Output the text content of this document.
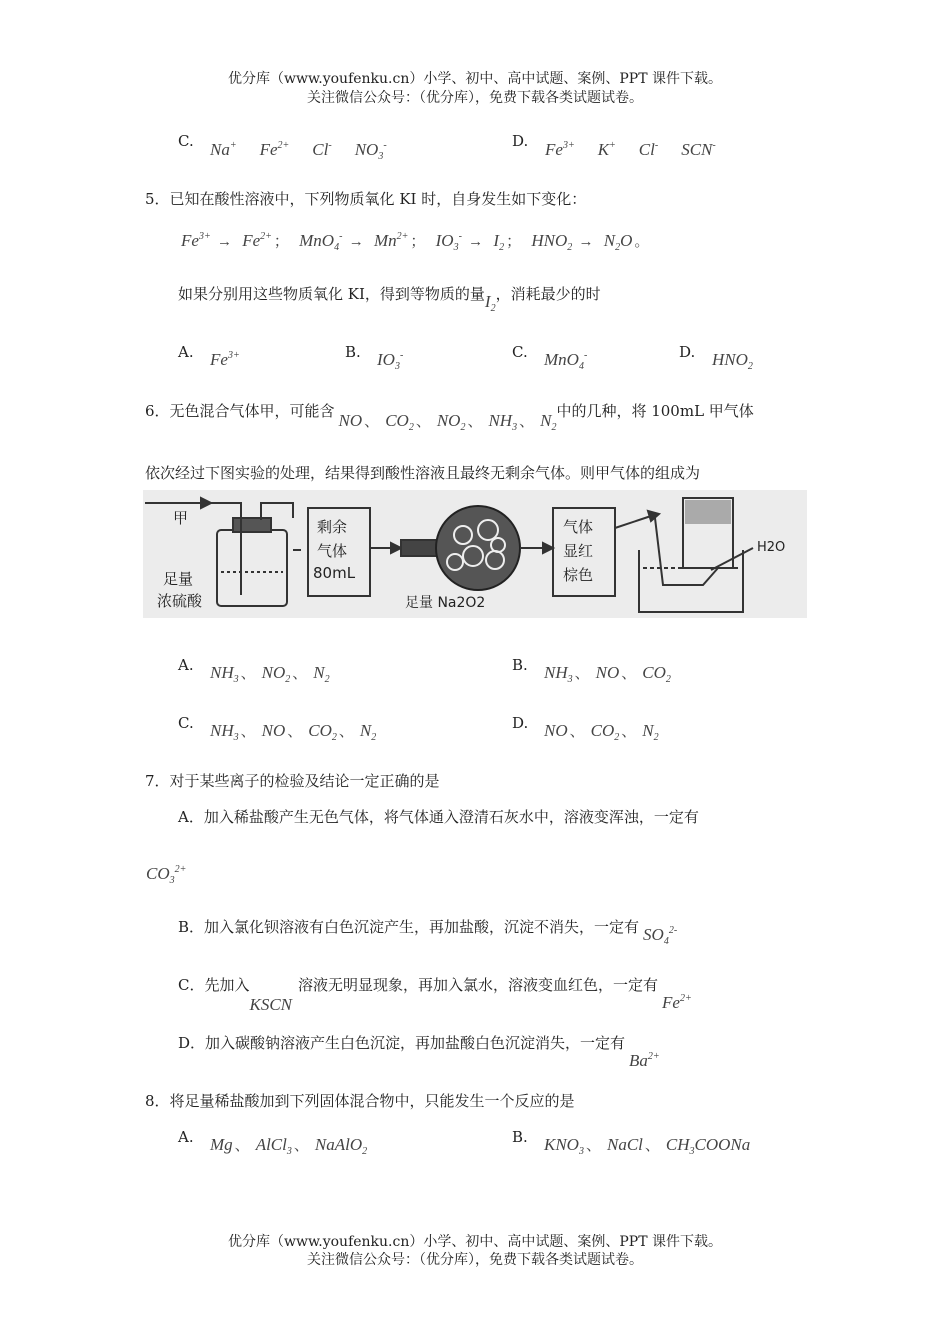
优分库（www.youfenku.cn）小学、初中、高中试题、案例、PPT 课件下载。
关注微信公众号：（优分库），免费下载各类试题试卷。
C. Na+  $Fe^{2+}$  Cl-  $NO_3^-$	D. $Fe^{3+}$  K+  Cl-  SCN-
5．已知在酸性溶液中，下列物质氧化 KI 时，自身发生如下变化：
$Fe^{3+} \to Fe^{2+}$ ； $MnO_4^- \to Mn^{2+}$ ； $IO_3^- \to I_2$ ； $HNO_2 \to N_2O$ 。
如果分别用这些物质氧化 KI，得到等物质的量$I_2$，消耗最少的时
A. $Fe^{3+}$	B. $IO_3^-$	C. MnO$_4$-	D. $HNO_2$
6．无色混合气体甲，可能含 NO 、 $CO_2$ 、 $NO_2$ 、 $NH_3$ 、 $N_2$中的几种，将 100mL 甲气体
依次经过下图实验的处理，结果得到酸性溶液且最终无剩余气体。则甲气体的组成为
甲
足量
浓硫酸
剩余
气体
80mL
足量 Na2O2
气体
显红
棕色
H2O
A. $NH_3$ 、 $NO_2$ 、 $N_2$
B. $NH_3$ 、 NO 、 $CO_2$
C. $NH_3$ 、 NO 、 $CO_2$ 、 $N_2$
D. NO 、 $CO_2$ 、 $N_2$
7．对于某些离子的检验及结论一定正确的是
A．加入稀盐酸产生无色气体，将气体通入澄清石灰水中，溶液变浑浊，一定有
$CO_3^{2+}$
B．加入氯化钡溶液有白色沉淀产生，再加盐酸，沉淀不消失，一定有 $SO_4^{2-}$
C．先加入KSCN溶液无明显现象，再加入氯水，溶液变血红色，一定有$Fe^{2+}$
D．加入碳酸钠溶液产生白色沉淀，再加盐酸白色沉淀消失，一定有$Ba^{2+}$
8．将足量稀盐酸加到下列固体混合物中，只能发生一个反应的是
A. Mg 、 AlCl$_3$ 、 NaAlO$_2$
B. $KNO_3$ 、 NaCl 、 $CH_3COONa$
优分库（www.youfenku.cn）小学、初中、高中试题、案例、PPT 课件下载。
关注微信公众号：（优分库），免费下载各类试题试卷。
